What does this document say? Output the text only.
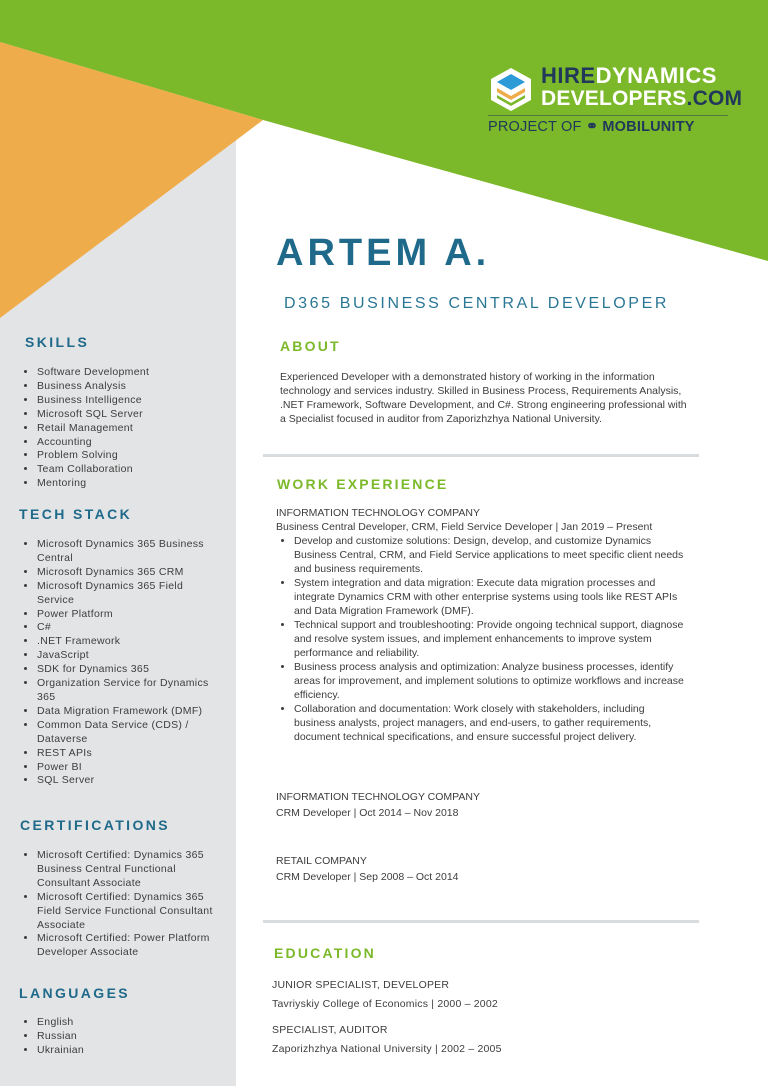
HIREDYNAMICS
DEVELOPERS.COM
PROJECT OF ⚭ MOBILUNITY
ARTEM A.
D365 BUSINESS CENTRAL DEVELOPER
ABOUT
Experienced Developer with a demonstrated history of working in the information technology and services industry. Skilled in Business Process, Requirements Analysis, .NET Framework, Software Development, and C#. Strong engineering professional with a Specialist focused in auditor from Zaporizhzhya National University.
WORK EXPERIENCE
INFORMATION TECHNOLOGY COMPANY
Business Central Developer, CRM, Field Service Developer | Jan 2019 – Present
• Develop and customize solutions: Design, develop, and customize Dynamics Business Central, CRM, and Field Service applications to meet specific client needs and business requirements.
• System integration and data migration: Execute data migration processes and integrate Dynamics CRM with other enterprise systems using tools like REST APIs and Data Migration Framework (DMF).
• Technical support and troubleshooting: Provide ongoing technical support, diagnose and resolve system issues, and implement enhancements to improve system performance and reliability.
• Business process analysis and optimization: Analyze business processes, identify areas for improvement, and implement solutions to optimize workflows and increase efficiency.
• Collaboration and documentation: Work closely with stakeholders, including business analysts, project managers, and end-users, to gather requirements, document technical specifications, and ensure successful project delivery.
INFORMATION TECHNOLOGY COMPANY
CRM Developer | Oct 2014 – Nov 2018
RETAIL COMPANY
CRM Developer | Sep 2008 – Oct 2014
EDUCATION
JUNIOR SPECIALIST, DEVELOPER
Tavriyskiy College of Economics | 2000 – 2002
SPECIALIST, AUDITOR
Zaporizhzhya National University | 2002 – 2005
SKILLS
• Software Development
• Business Analysis
• Business Intelligence
• Microsoft SQL Server
• Retail Management
• Accounting
• Problem Solving
• Team Collaboration
• Mentoring
TECH STACK
• Microsoft Dynamics 365 Business Central
• Microsoft Dynamics 365 CRM
• Microsoft Dynamics 365 Field Service
• Power Platform
• C#
• .NET Framework
• JavaScript
• SDK for Dynamics 365
• Organization Service for Dynamics 365
• Data Migration Framework (DMF)
• Common Data Service (CDS) / Dataverse
• REST APIs
• Power BI
• SQL Server
CERTIFICATIONS
• Microsoft Certified: Dynamics 365 Business Central Functional Consultant Associate
• Microsoft Certified: Dynamics 365 Field Service Functional Consultant Associate
• Microsoft Certified: Power Platform Developer Associate
LANGUAGES
• English
• Russian
• Ukrainian
